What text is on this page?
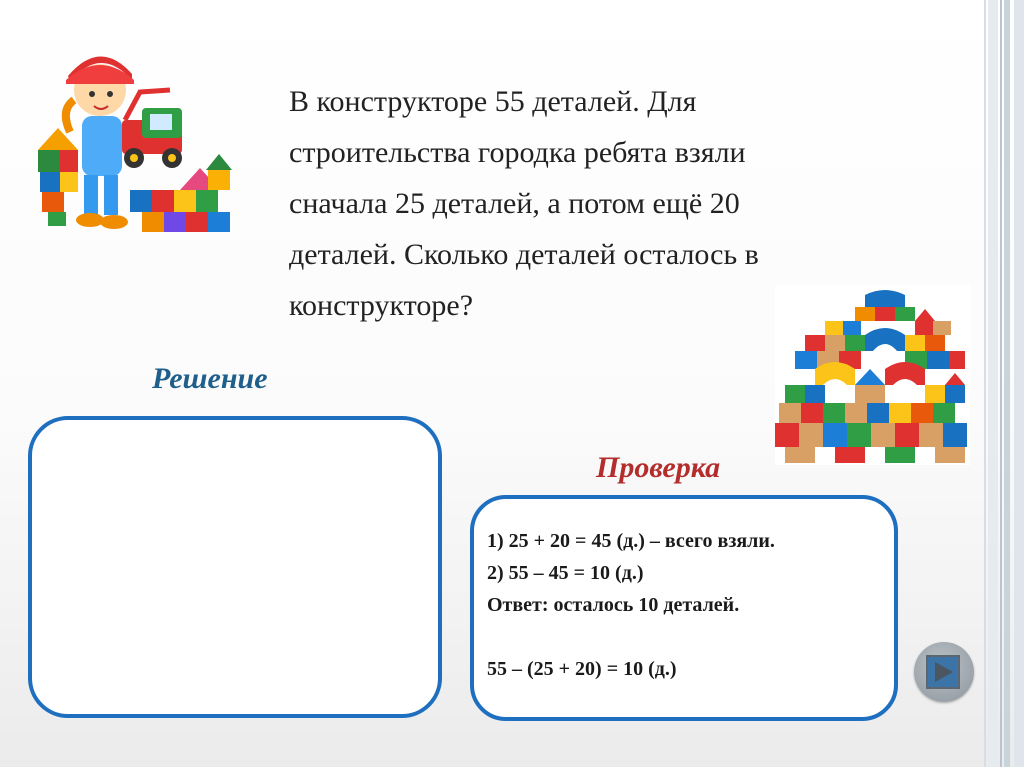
В конструкторе 55 деталей. Для
строительства городка ребята взяли
сначала 25 деталей, а потом ещё 20
деталей. Сколько деталей осталось в
конструкторе?
Решение
Проверка
1) 25 + 20 = 45 (д.) – всего взяли.
2) 55 – 45 = 10 (д.)
Ответ: осталось 10 деталей.
55 – (25 + 20) = 10 (д.)
